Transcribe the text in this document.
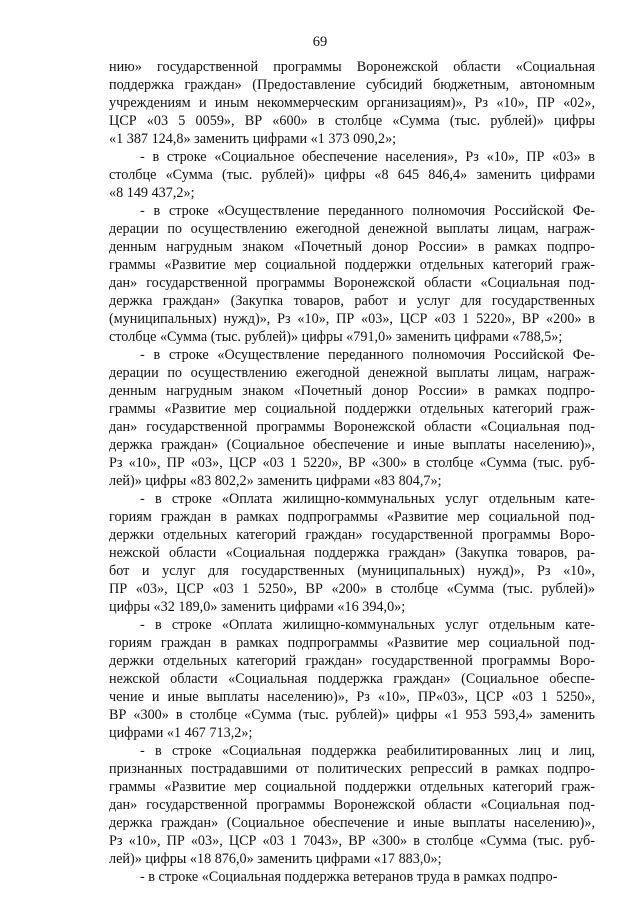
69
нию» государственной программы Воронежской области «Социальная
поддержка граждан» (Предоставление субсидий бюджетным, автономным
учреждениям и иным некоммерческим организациям)», Рз «10», ПР «02»,
ЦСР «03 5 0059», ВР «600» в столбце «Сумма (тыс. рублей)» цифры
«1 387 124,8» заменить цифрами «1 373 090,2»;
- в строке «Социальное обеспечение населения», Рз «10», ПР «03» в
столбце «Сумма (тыс. рублей)» цифры «8 645 846,4» заменить цифрами
«8 149 437,2»;
- в строке «Осуществление переданного полномочия Российской Фе-
дерации по осуществлению ежегодной денежной выплаты лицам, награж-
денным нагрудным знаком «Почетный донор России» в рамках подпро-
граммы «Развитие мер социальной поддержки отдельных категорий граж-
дан» государственной программы Воронежской области «Социальная под-
держка граждан» (Закупка товаров, работ и услуг для государственных
(муниципальных) нужд)», Рз «10», ПР «03», ЦСР «03 1 5220», ВР «200» в
столбце «Сумма (тыс. рублей)» цифры «791,0» заменить цифрами «788,5»;
- в строке «Осуществление переданного полномочия Российской Фе-
дерации по осуществлению ежегодной денежной выплаты лицам, награж-
денным нагрудным знаком «Почетный донор России» в рамках подпро-
граммы «Развитие мер социальной поддержки отдельных категорий граж-
дан» государственной программы Воронежской области «Социальная под-
держка граждан» (Социальное обеспечение и иные выплаты населению)»,
Рз «10», ПР «03», ЦСР «03 1 5220», ВР «300» в столбце «Сумма (тыс. руб-
лей)» цифры «83 802,2» заменить цифрами «83 804,7»;
- в строке «Оплата жилищно-коммунальных услуг отдельным кате-
гориям граждан в рамках подпрограммы «Развитие мер социальной под-
держки отдельных категорий граждан» государственной программы Воро-
нежской области «Социальная поддержка граждан» (Закупка товаров, ра-
бот и услуг для государственных (муниципальных) нужд)», Рз «10»,
ПР «03», ЦСР «03 1 5250», ВР «200» в столбце «Сумма (тыс. рублей)»
цифры «32 189,0» заменить цифрами «16 394,0»;
- в строке «Оплата жилищно-коммунальных услуг отдельным кате-
гориям граждан в рамках подпрограммы «Развитие мер социальной под-
держки отдельных категорий граждан» государственной программы Воро-
нежской области «Социальная поддержка граждан» (Социальное обеспе-
чение и иные выплаты населению)», Рз «10», ПР«03», ЦСР «03 1 5250»,
ВР «300» в столбце «Сумма (тыс. рублей)» цифры «1 953 593,4» заменить
цифрами «1 467 713,2»;
- в строке «Социальная поддержка реабилитированных лиц и лиц,
признанных пострадавшими от политических репрессий в рамках подпро-
граммы «Развитие мер социальной поддержки отдельных категорий граж-
дан» государственной программы Воронежской области «Социальная под-
держка граждан» (Социальное обеспечение и иные выплаты населению)»,
Рз «10», ПР «03», ЦСР «03 1 7043», ВР «300» в столбце «Сумма (тыс. руб-
лей)» цифры «18 876,0» заменить цифрами «17 883,0»;
- в строке «Социальная поддержка ветеранов труда в рамках подпро-
